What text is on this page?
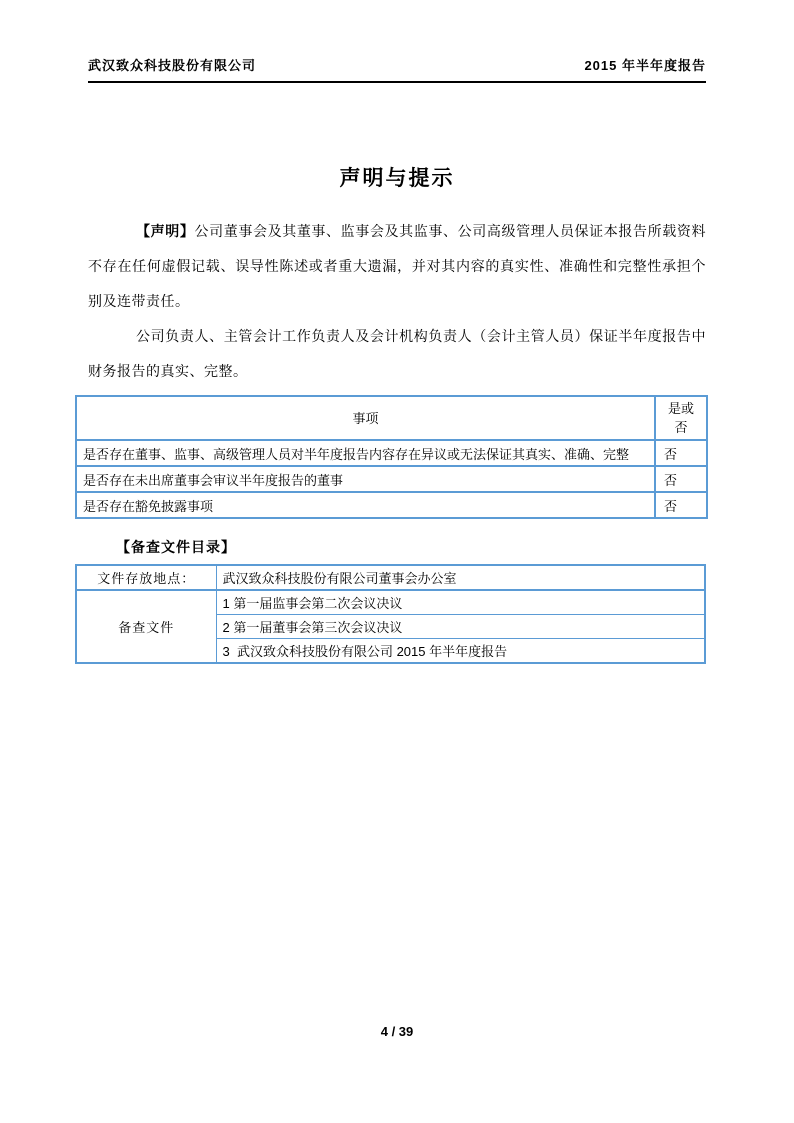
武汉致众科技股份有限公司	2015 年半年度报告
声明与提示

【声明】公司董事会及其董事、监事会及其监事、公司高级管理人员保证本报告所载资料不存在任何虚假记载、误导性陈述或者重大遗漏，并对其内容的真实性、准确性和完整性承担个别及连带责任。

公司负责人、主管会计工作负责人及会计机构负责人（会计主管人员）保证半年度报告中财务报告的真实、完整。

事项	是或否
是否存在董事、监事、高级管理人员对半年度报告内容存在异议或无法保证其真实、准确、完整	否
是否存在未出席董事会审议半年度报告的董事	否
是否存在豁免披露事项	否
【备查文件目录】
文件存放地点：	武汉致众科技股份有限公司董事会办公室
备查文件	1 第一届监事会第二次会议决议
	2 第一届董事会第三次会议决议
	3  武汉致众科技股份有限公司 2015 年半年度报告
4 / 39
